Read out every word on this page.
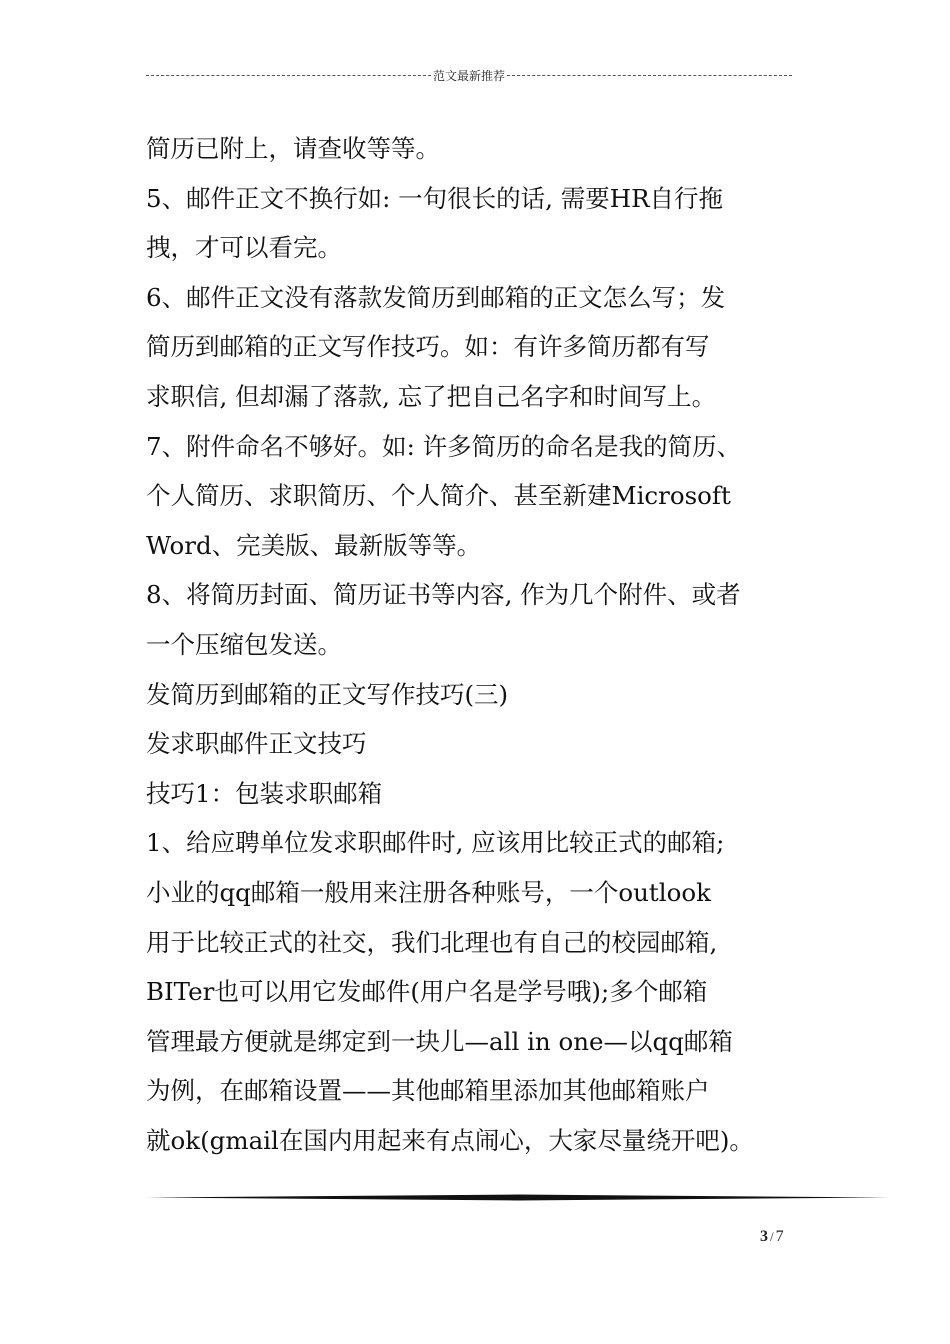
范文最新推荐
简历已附上，请查收等等。
5、邮件正文不换行如: 一句很长的话, 需要HR自行拖
拽，才可以看完。
6、邮件正文没有落款发简历到邮箱的正文怎么写；发
简历到邮箱的正文写作技巧。如：有许多简历都有写
求职信, 但却漏了落款, 忘了把自己名字和时间写上。
7、附件命名不够好。如: 许多简历的命名是我的简历、
个人简历、求职简历、个人简介、甚至新建Microsoft
Word、完美版、最新版等等。
8、将简历封面、简历证书等内容, 作为几个附件、或者
一个压缩包发送。
发简历到邮箱的正文写作技巧(三)
发求职邮件正文技巧
技巧1：包装求职邮箱
1、给应聘单位发求职邮件时, 应该用比较正式的邮箱;
小业的qq邮箱一般用来注册各种账号，一个outlook
用于比较正式的社交，我们北理也有自己的校园邮箱,
BITer也可以用它发邮件(用户名是学号哦);多个邮箱
管理最方便就是绑定到一块儿—all in one—以qq邮箱
为例，在邮箱设置——其他邮箱里添加其他邮箱账户
就ok(gmail在国内用起来有点闹心，大家尽量绕开吧)。
3 / 7
